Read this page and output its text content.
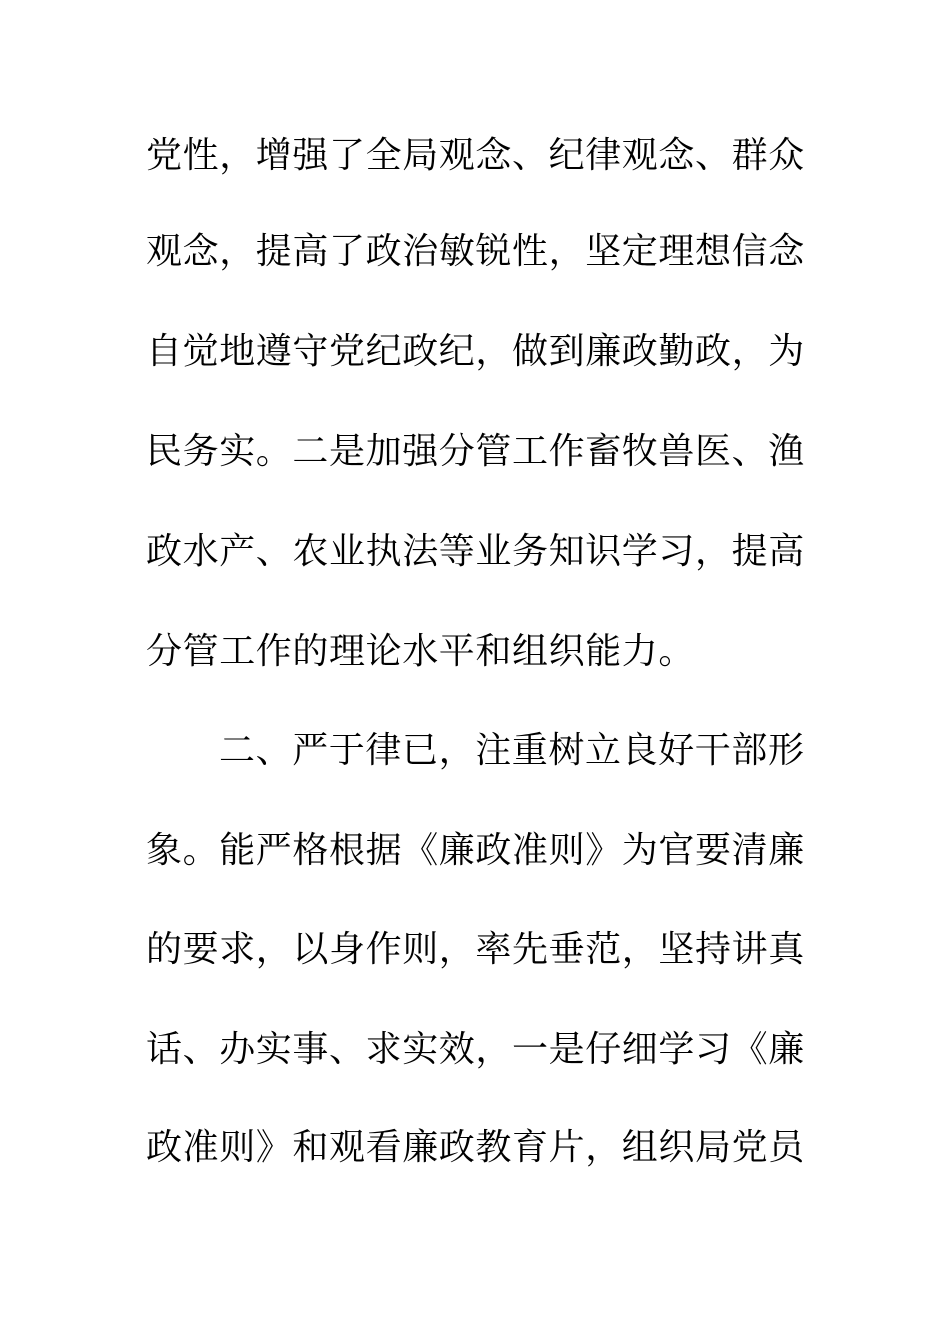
党性，增强了全局观念、纪律观念、群众
观念，提高了政治敏锐性，坚定理想信念
自觉地遵守党纪政纪，做到廉政勤政，为
民务实。二是加强分管工作畜牧兽医、渔
政水产、农业执法等业务知识学习，提高
分管工作的理论水平和组织能力。
二、严于律已，注重树立良好干部形
象。能严格根据《廉政准则》为官要清廉
的要求，以身作则，率先垂范，坚持讲真
话、办实事、求实效，一是仔细学习《廉
政准则》和观看廉政教育片，组织局党员
